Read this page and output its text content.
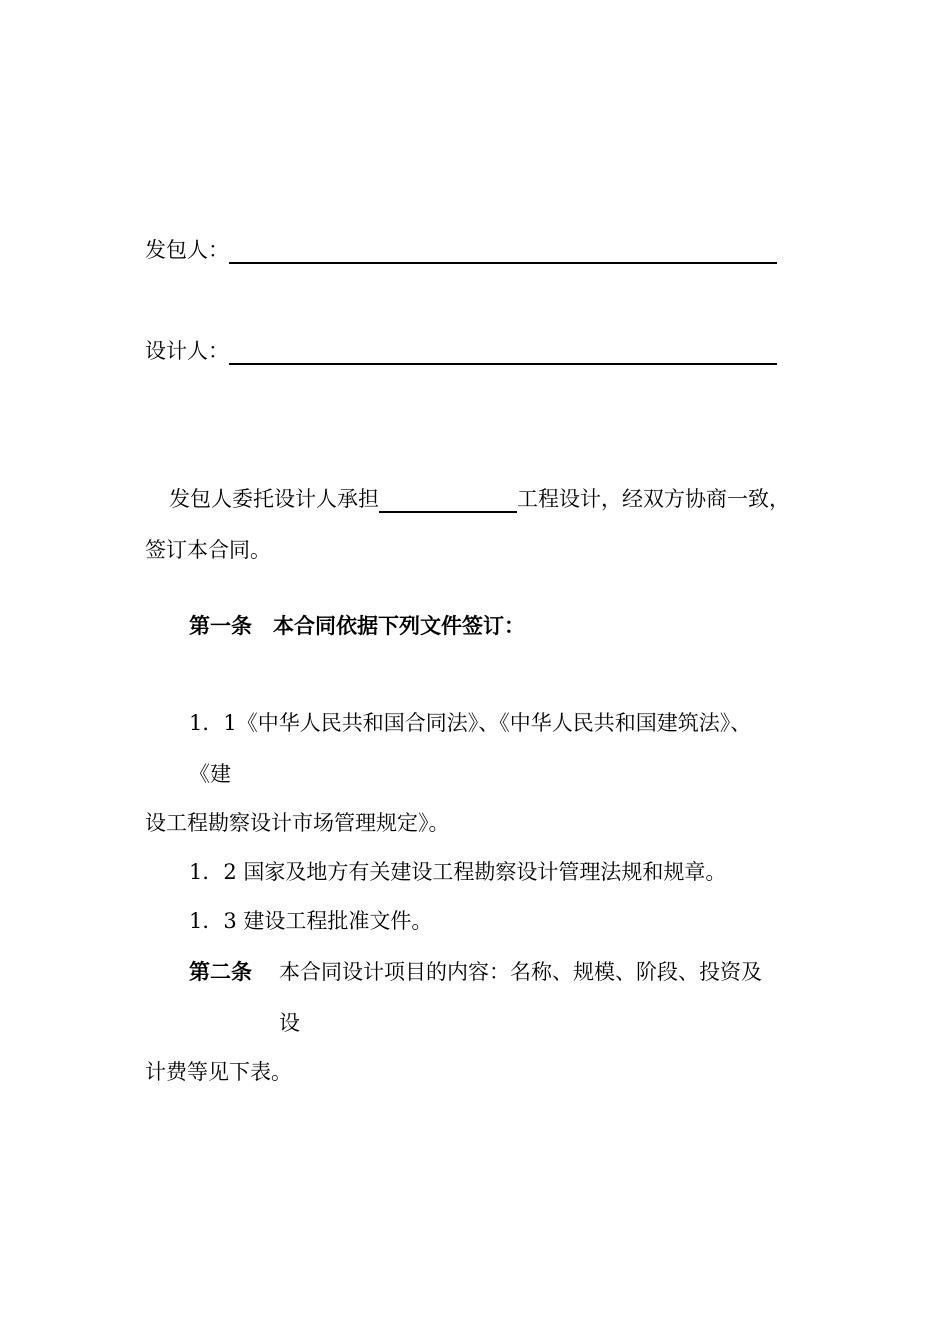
发包人：
设计人：
发包人委托设计人承担	工程设计，经双方协商一致，
签订本合同。
第一条　本合同依据下列文件签订：
1．1《中华人民共和国合同法》、《中华人民共和国建筑法》、
《建
设工程勘察设计市场管理规定》。
1．2 国家及地方有关建设工程勘察设计管理法规和规章。
1．3 建设工程批准文件。
第二条 本合同设计项目的内容：名称、规模、阶段、投资及
设
计费等见下表。
